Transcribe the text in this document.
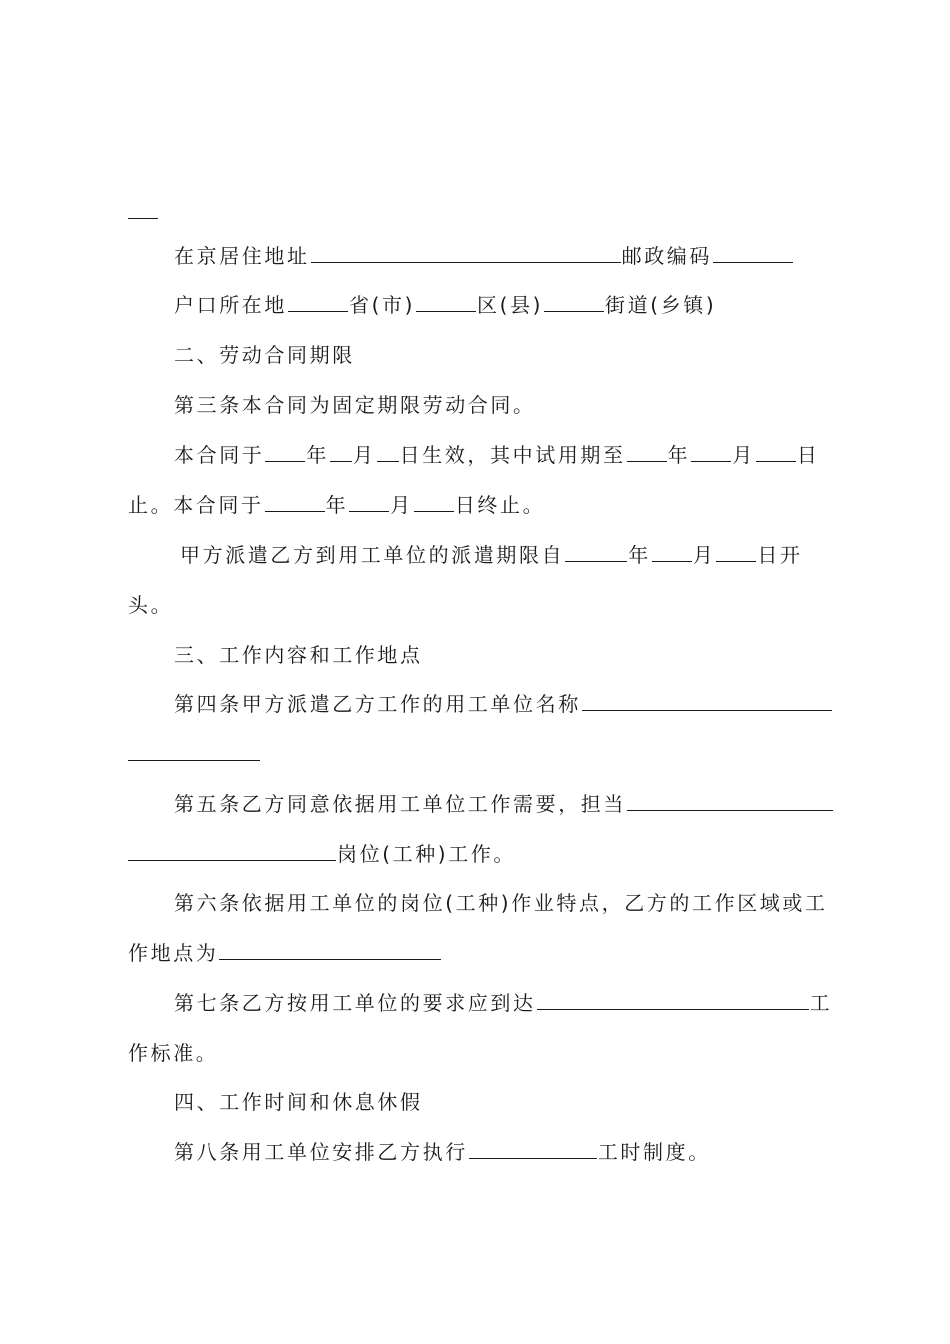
在京居住地址	邮政编码
户口所在地	省(市)	区(县)	街道(乡镇)
二、劳动合同期限
第三条本合同为固定期限劳动合同。
本合同于 年 月 日生效，其中试用期至 年 月 日
止。本合同于	年 月 日终止。
甲方派遣乙方到用工单位的派遣期限自	年 月 日开
头。
三、工作内容和工作地点
第四条甲方派遣乙方工作的用工单位名称
第五条乙方同意依据用工单位工作需要，担当
岗位(工种)工作。
第六条依据用工单位的岗位(工种)作业特点，乙方的工作区域或工
作地点为
第七条乙方按用工单位的要求应到达	工
作标准。
四、工作时间和休息休假
第八条用工单位安排乙方执行	工时制度。
